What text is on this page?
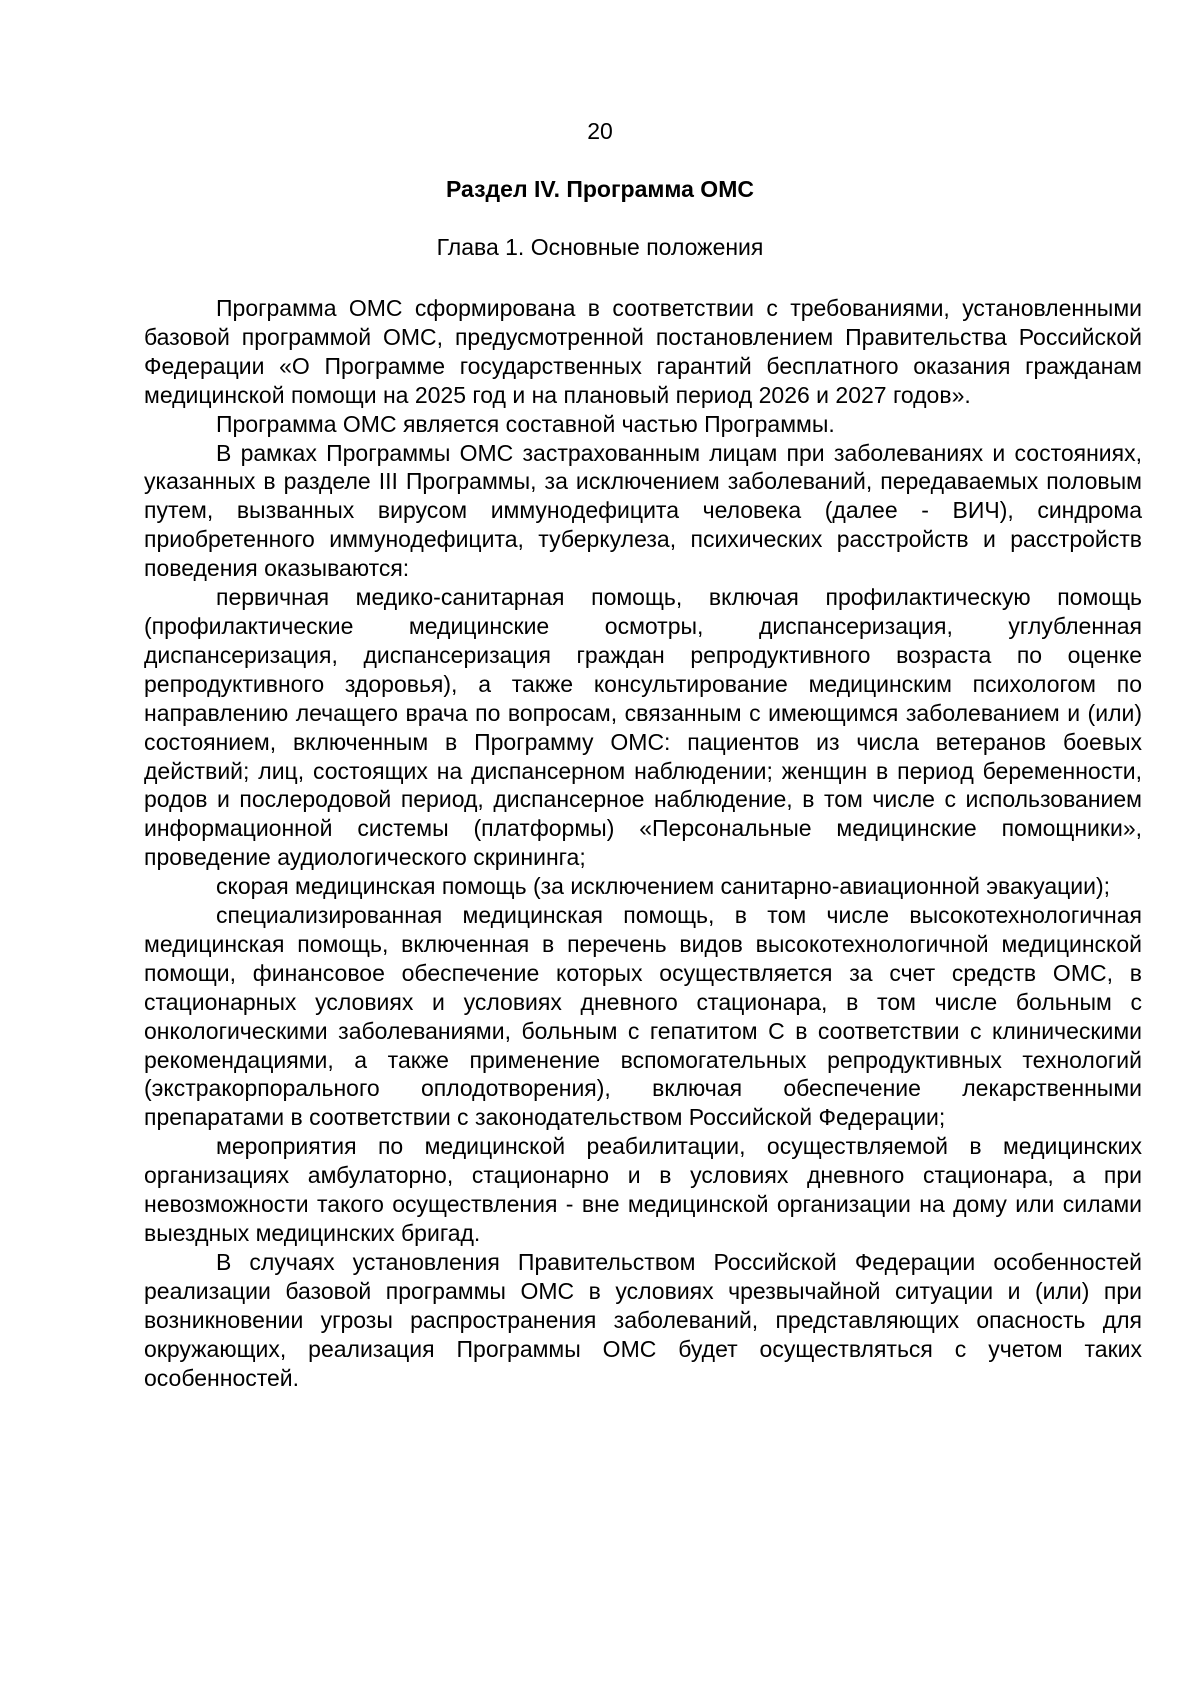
20
Раздел IV. Программа ОМС
Глава 1. Основные положения

Программа ОМС сформирована в соответствии с требованиями, установленными базовой программой ОМС, предусмотренной постановлением Правительства Российской Федерации «О Программе государственных гарантий бесплатного оказания гражданам медицинской помощи на 2025 год и на плановый период 2026 и 2027 годов».

Программа ОМС является составной частью Программы.

В рамках Программы ОМС застрахованным лицам при заболеваниях и состояниях, указанных в разделе III Программы, за исключением заболеваний, передаваемых половым путем, вызванных вирусом иммунодефицита человека (далее - ВИЧ), синдрома приобретенного иммунодефицита, туберкулеза, психических расстройств и расстройств поведения оказываются:

первичная медико-санитарная помощь, включая профилактическую помощь (профилактические медицинские осмотры, диспансеризация, углубленная диспансеризация, диспансеризация граждан репродуктивного возраста по оценке репродуктивного здоровья), а также консультирование медицинским психологом по направлению лечащего врача по вопросам, связанным с имеющимся заболеванием и (или) состоянием, включенным в Программу ОМС: пациентов из числа ветеранов боевых действий; лиц, состоящих на диспансерном наблюдении; женщин в период беременности, родов и послеродовой период, диспансерное наблюдение, в том числе с использованием информационной системы (платформы) «Персональные медицинские помощники», проведение аудиологического скрининга;

скорая медицинская помощь (за исключением санитарно-авиационной эвакуации);

специализированная медицинская помощь, в том числе высокотехнологичная медицинская помощь, включенная в перечень видов высокотехнологичной медицинской помощи, финансовое обеспечение которых осуществляется за счет средств ОМС, в стационарных условиях и условиях дневного стационара, в том числе больным с онкологическими заболеваниями, больным с гепатитом C в соответствии с клиническими рекомендациями, а также применение вспомогательных репродуктивных технологий (экстракорпорального оплодотворения), включая обеспечение лекарственными препаратами в соответствии с законодательством Российской Федерации;

мероприятия по медицинской реабилитации, осуществляемой в медицинских организациях амбулаторно, стационарно и в условиях дневного стационара, а при невозможности такого осуществления - вне медицинской организации на дому или силами выездных медицинских бригад.

В случаях установления Правительством Российской Федерации особенностей реализации базовой программы ОМС в условиях чрезвычайной ситуации и (или) при возникновении угрозы распространения заболеваний, представляющих опасность для окружающих, реализация Программы ОМС будет осуществляться с учетом таких особенностей.
